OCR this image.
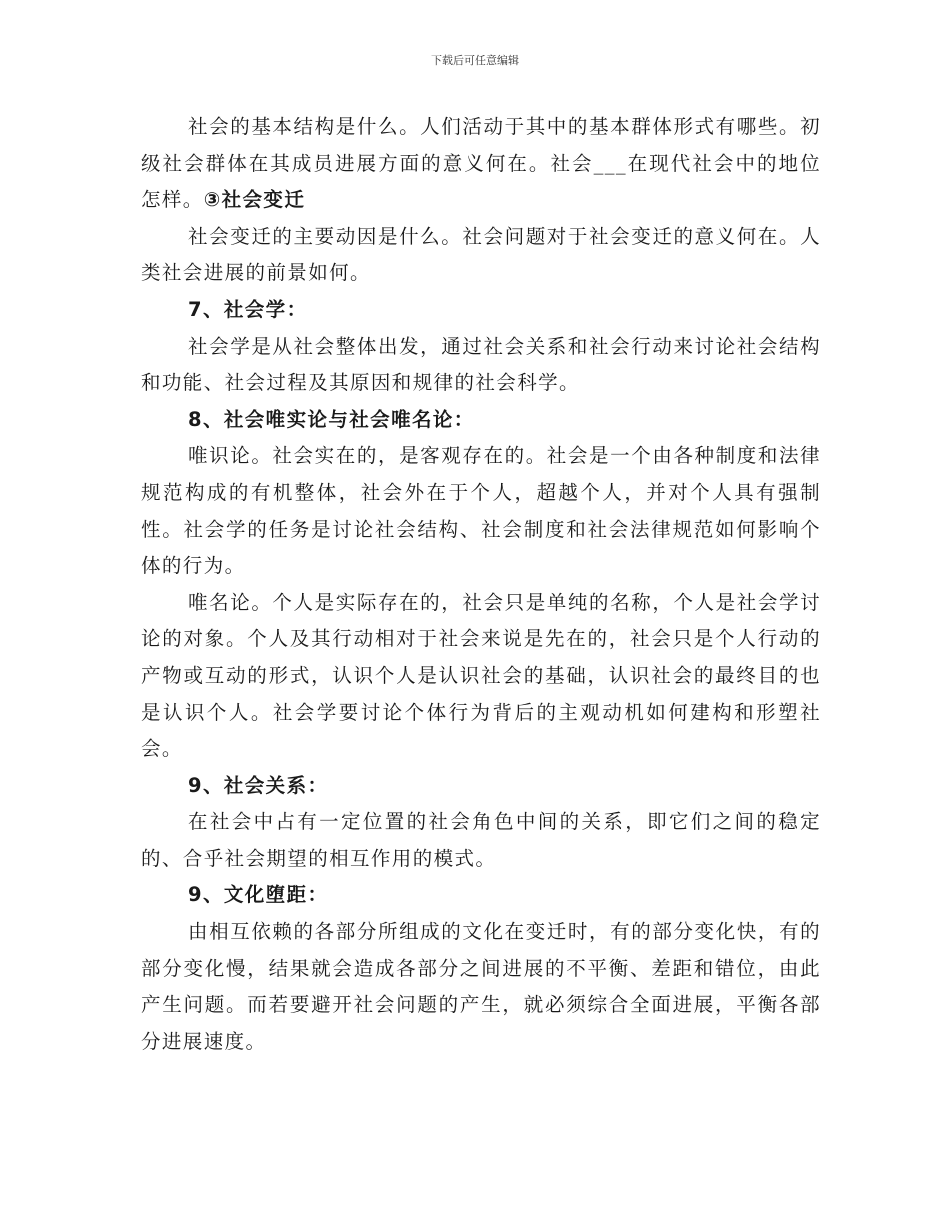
下载后可任意编辑

社会的基本结构是什么。人们活动于其中的基本群体形式有哪些。初级社会群体在其成员进展方面的意义何在。社会___在现代社会中的地位怎样。③社会变迁

社会变迁的主要动因是什么。社会问题对于社会变迁的意义何在。人类社会进展的前景如何。

7、社会学：

社会学是从社会整体出发，通过社会关系和社会行动来讨论社会结构和功能、社会过程及其原因和规律的社会科学。

8、社会唯实论与社会唯名论：

唯识论。社会实在的，是客观存在的。社会是一个由各种制度和法律规范构成的有机整体，社会外在于个人，超越个人，并对个人具有强制性。社会学的任务是讨论社会结构、社会制度和社会法律规范如何影响个体的行为。

唯名论。个人是实际存在的，社会只是单纯的名称，个人是社会学讨论的对象。个人及其行动相对于社会来说是先在的，社会只是个人行动的产物或互动的形式，认识个人是认识社会的基础，认识社会的最终目的也是认识个人。社会学要讨论个体行为背后的主观动机如何建构和形塑社会。

9、社会关系：

在社会中占有一定位置的社会角色中间的关系，即它们之间的稳定的、合乎社会期望的相互作用的模式。

9、文化堕距：

由相互依赖的各部分所组成的文化在变迁时，有的部分变化快，有的部分变化慢，结果就会造成各部分之间进展的不平衡、差距和错位，由此产生问题。而若要避开社会问题的产生，就必须综合全面进展，平衡各部分进展速度。
